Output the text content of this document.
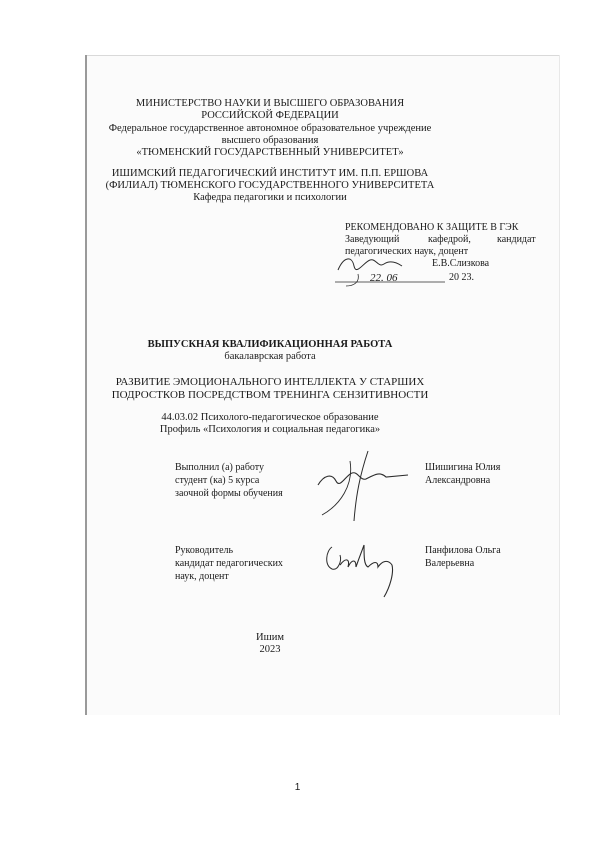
МИНИСТЕРСТВО НАУКИ И ВЫСШЕГО ОБРАЗОВАНИЯ
РОССИЙСКОЙ ФЕДЕРАЦИИ
Федеральное государственное автономное образовательное учреждение
высшего образования
«ТЮМЕНСКИЙ ГОСУДАРСТВЕННЫЙ УНИВЕРСИТЕТ»
ИШИМСКИЙ ПЕДАГОГИЧЕСКИЙ ИНСТИТУТ ИМ. П.П. ЕРШОВА
(ФИЛИАЛ) ТЮМЕНСКОГО ГОСУДАРСТВЕННОГО УНИВЕРСИТЕТА
Кафедра педагогики и психологии
РЕКОМЕНДОВАНО К ЗАЩИТЕ В ГЭК
Заведующий	кафедрой,	кандидат
педагогических наук, доцент
Е.В.Слизкова
22. 06	20 23.
ВЫПУСКНАЯ КВАЛИФИКАЦИОННАЯ РАБОТА
бакалаврская работа
РАЗВИТИЕ ЭМОЦИОНАЛЬНОГО ИНТЕЛЛЕКТА У СТАРШИХ
ПОДРОСТКОВ ПОСРЕДСТВОМ ТРЕНИНГА СЕНЗИТИВНОСТИ
44.03.02 Психолого-педагогическое образование
Профиль «Психология и социальная педагогика»
Выполнил (а) работу
студент (ка) 5 курса
заочной формы обучения
Шишигина Юлия
Александровна
Руководитель
кандидат педагогических
наук, доцент
Панфилова Ольга
Валерьевна
Ишим
2023
1
